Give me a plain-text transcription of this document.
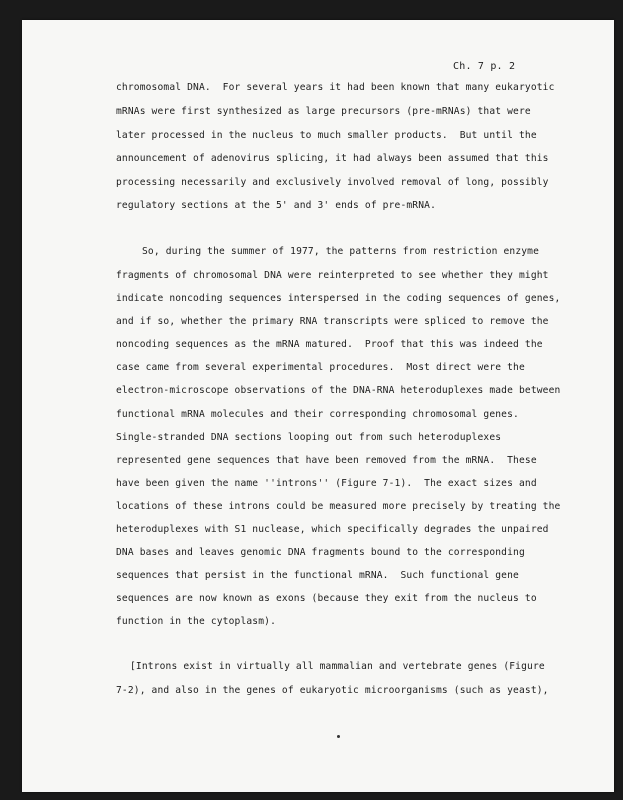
Ch. 7 p. 2
chromosomal DNA.  For several years it had been known that many eukaryotic
mRNAs were first synthesized as large precursors (pre-mRNAs) that were
later processed in the nucleus to much smaller products.  But until the
announcement of adenovirus splicing, it had always been assumed that this
processing necessarily and exclusively involved removal of long, possibly
regulatory sections at the 5' and 3' ends of pre-mRNA.
So, during the summer of 1977, the patterns from restriction enzyme
fragments of chromosomal DNA were reinterpreted to see whether they might
indicate noncoding sequences interspersed in the coding sequences of genes,
and if so, whether the primary RNA transcripts were spliced to remove the
noncoding sequences as the mRNA matured.  Proof that this was indeed the
case came from several experimental procedures.  Most direct were the
electron-microscope observations of the DNA-RNA heteroduplexes made between
functional mRNA molecules and their corresponding chromosomal genes.
Single-stranded DNA sections looping out from such heteroduplexes
represented gene sequences that have been removed from the mRNA.  These
have been given the name ''introns'' (Figure 7-1).  The exact sizes and
locations of these introns could be measured more precisely by treating the
heteroduplexes with S1 nuclease, which specifically degrades the unpaired
DNA bases and leaves genomic DNA fragments bound to the corresponding
sequences that persist in the functional mRNA.  Such functional gene
sequences are now known as exons (because they exit from the nucleus to
function in the cytoplasm).
[Introns exist in virtually all mammalian and vertebrate genes (Figure
7-2), and also in the genes of eukaryotic microorganisms (such as yeast),
